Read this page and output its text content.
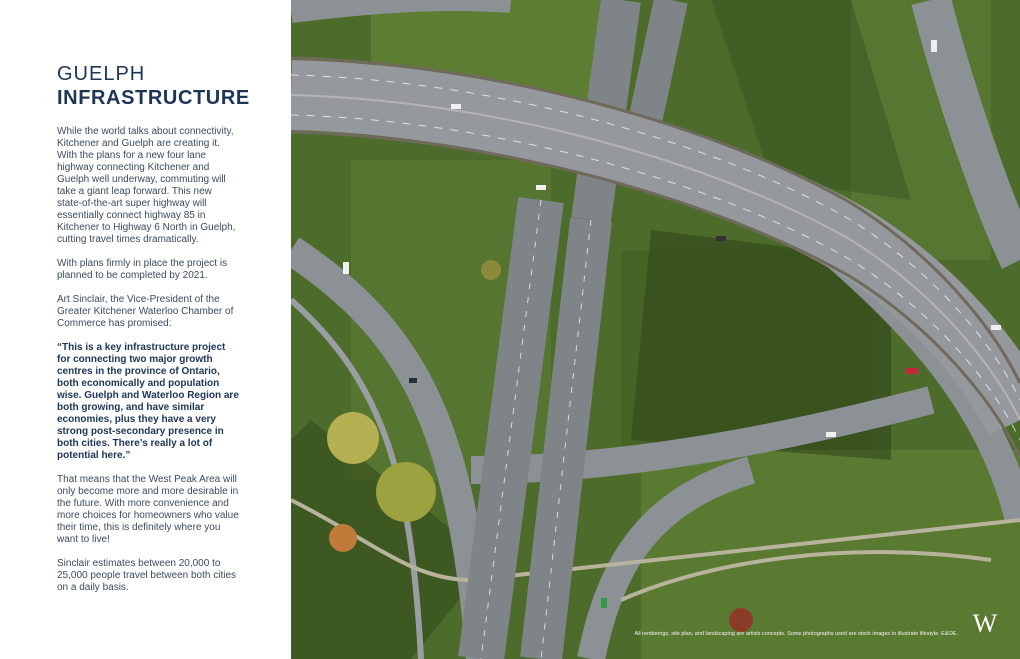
GUELPH
INFRASTRUCTURE

While the world talks about connectivity, Kitchener and Guelph are creating it. With the plans for a new four lane highway connecting Kitchener and Guelph well underway, commuting will take a giant leap forward. This new state-of-the-art super highway will essentially connect highway 85 in Kitchener to Highway 6 North in Guelph, cutting travel times dramatically.

With plans firmly in place the project is planned to be completed by 2021.

Art Sinclair, the Vice-President of the Greater Kitchener Waterloo Chamber of Commerce has promised:

“This is a key infrastructure project for connecting two major growth centres in the province of Ontario, both economically and population wise. Guelph and Waterloo Region are both growing, and have similar economies, plus they have a very strong post-secondary presence in both cities. There’s really a lot of potential here.”

That means that the West Peak Area will only become more and more desirable in the future. With more convenience and more choices for homeowners who value their time, this is definitely where you want to live!

Sinclair estimates between 20,000 to 25,000 people travel between both cities on a daily basis.

All renderings, site plan, and landscaping are artists concepts. Some photographs used are stock images to illustrate lifestyle. E&OE. W
